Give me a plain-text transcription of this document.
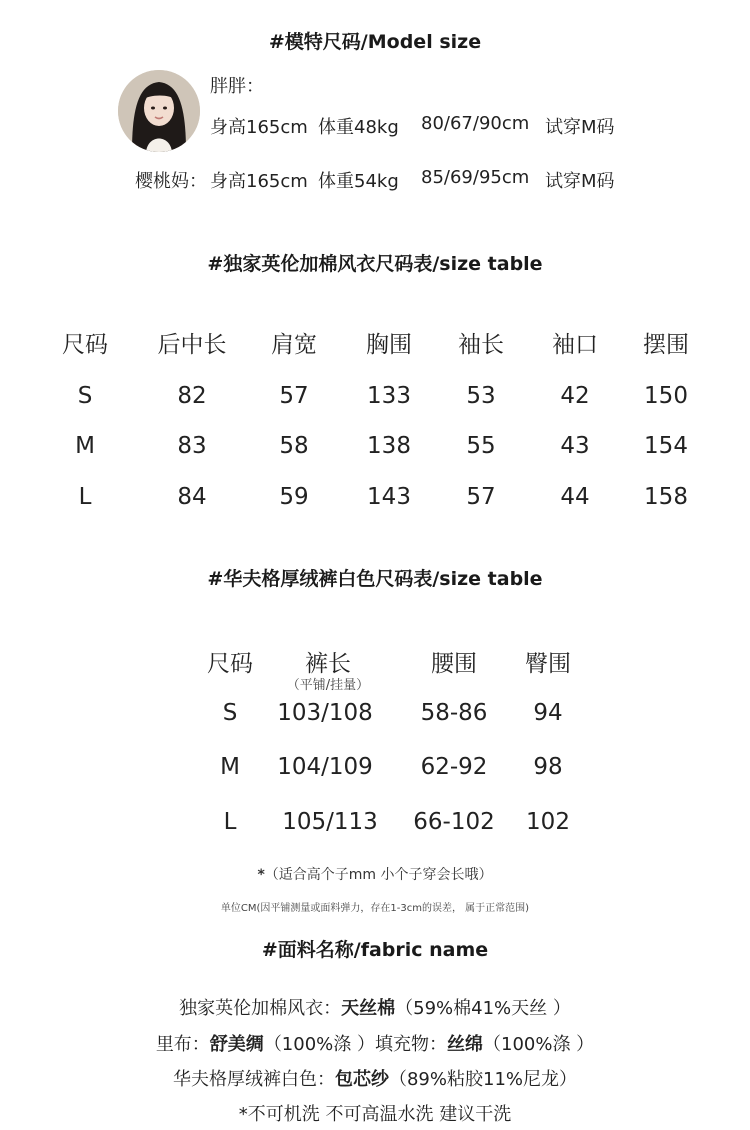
#模特尺码/Model size
胖胖：
身高165cm 体重48kg 80/67/90cm 试穿M码
樱桃妈： 身高165cm 体重54kg 85/69/95cm 试穿M码
#独家英伦加棉风衣尺码表/size table
尺码	后中长	肩宽	胸围	袖长	袖口	摆围
S	82	57	133	53	42	150
M	83	58	138	55	43	154
L	84	59	143	57	44	158
#华夫格厚绒裤白色尺码表/size table
尺码	裤长	腰围	臀围
（平铺/挂量）
S	103/108	58-86	94
M	104/109	62-92	98
L	105/113	66-102	102
*（适合高个子mm 小个子穿会长哦）
单位CM(因平铺测量或面料弹力，存在1-3cm的误差， 属于正常范围)
#面料名称/fabric name
独家英伦加棉风衣：天丝棉（59%棉41%天丝 ）
里布：舒美绸（100%涤 ）填充物：丝绵（100%涤 ）
华夫格厚绒裤白色：包芯纱（89%粘胶11%尼龙）
*不可机洗 不可高温水洗 建议干洗
